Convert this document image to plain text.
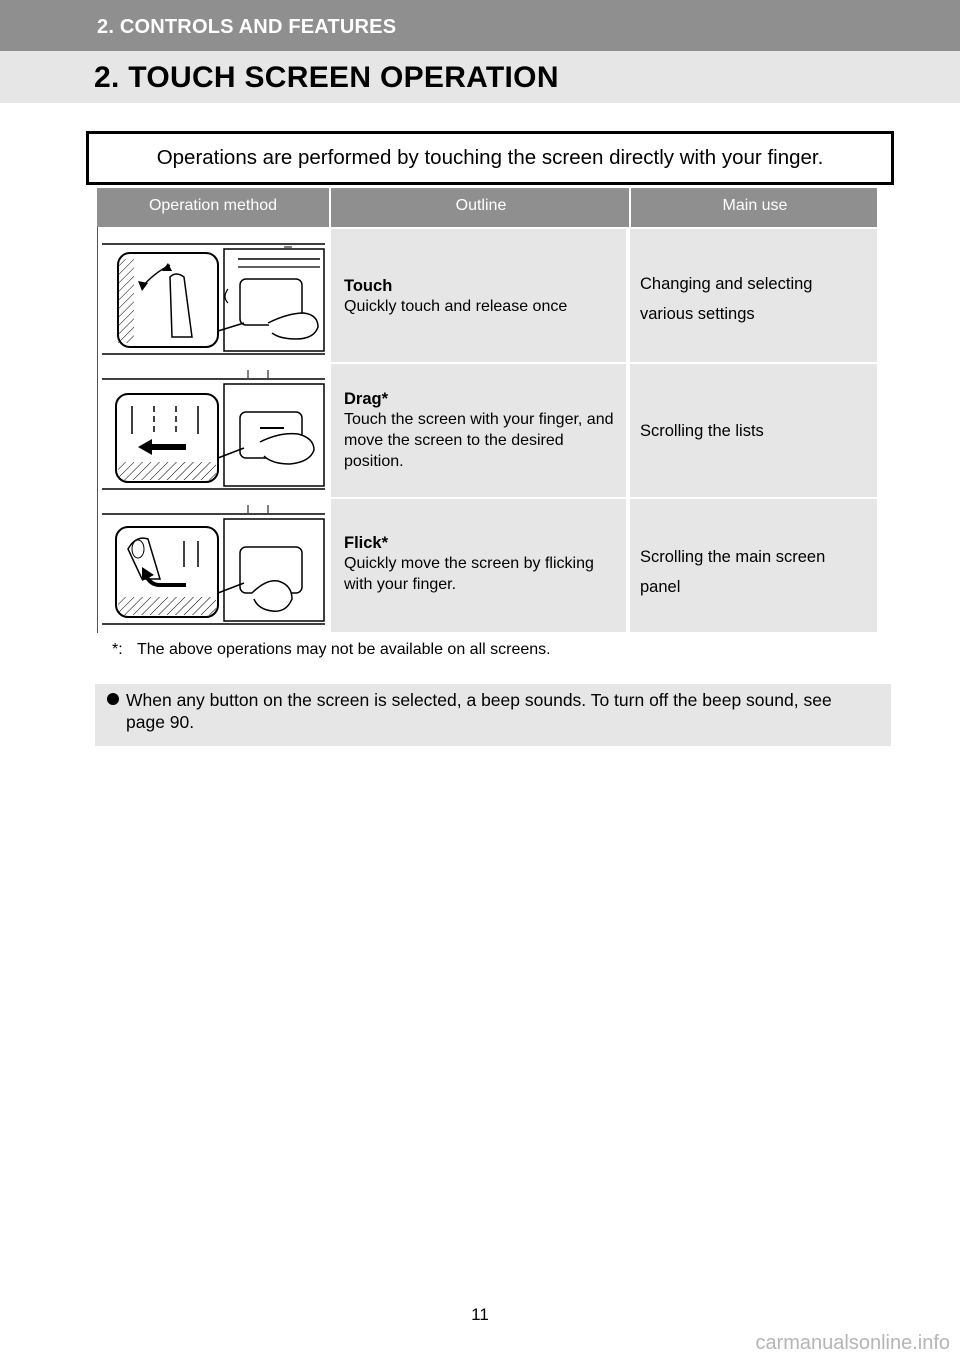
2. CONTROLS AND FEATURES
2. TOUCH SCREEN OPERATION
Operations are performed by touching the screen directly with your finger.
Operation method	Outline	Main use
Touch
Quickly touch and release once
Changing and selecting
various settings
Drag*
Touch the screen with your finger, and move the screen to the desired position.
Scrolling the lists
Flick*
Quickly move the screen by flicking with your finger.
Scrolling the main screen
panel
*: The above operations may not be available on all screens.
When any button on the screen is selected, a beep sounds. To turn off the beep sound, see page 90.
11
carmanualsonline.info
